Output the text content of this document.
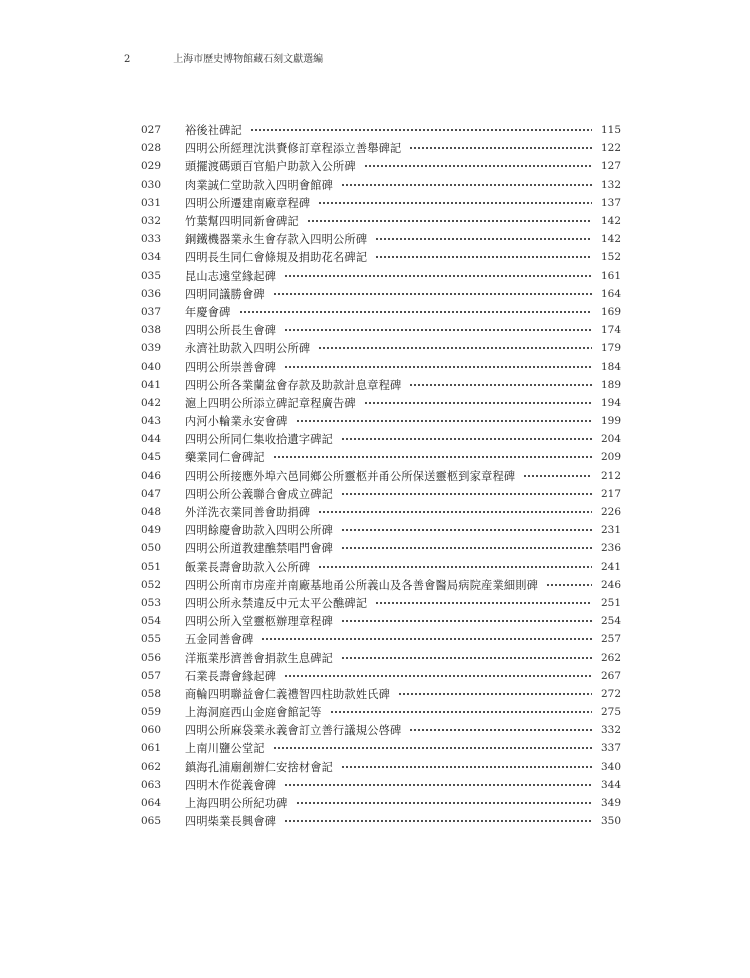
2	上海市歷史博物館藏石刻文獻選編
027	裕後社碑記	115
028	四明公所經理沈洪賚修訂章程添立善舉碑記	122
029	頭擺渡碼頭百官船户助款入公所碑	127
030	肉業誠仁堂助款入四明會館碑	132
031	四明公所遷建南廠章程碑	137
032	竹葉幫四明同新會碑記	142
033	銅鐵機器業永生會存款入四明公所碑	142
034	四明長生同仁會條規及捐助花名碑記	152
035	昆山志遠堂緣起碑	161
036	四明同議勝會碑	164
037	年慶會碑	169
038	四明公所長生會碑	174
039	永濟社助款入四明公所碑	179
040	四明公所崇善會碑	184
041	四明公所各業蘭盆會存款及助款計息章程碑	189
042	滬上四明公所添立碑記章程廣告碑	194
043	内河小輪業永安會碑	199
044	四明公所同仁集收拾遺字碑記	204
045	藥業同仁會碑記	209
046	四明公所接應外埠六邑同鄉公所靈柩并甬公所保送靈柩到家章程碑	212
047	四明公所公義聯合會成立碑記	217
048	外洋洗衣業同善會助捐碑	226
049	四明餘慶會助款入四明公所碑	231
050	四明公所道教建醮禁唱門會碑	236
051	飯業長壽會助款入公所碑	241
052	四明公所南市房産并南廠基地甬公所義山及各善會醫局病院産業細則碑	246
053	四明公所永禁違反中元太平公醮碑記	251
054	四明公所入堂靈柩辦理章程碑	254
055	五金同善會碑	257
056	洋瓶業彤濟善會捐款生息碑記	262
057	石業長壽會緣起碑	267
058	商輪四明聯益會仁義禮智四柱助款姓氏碑	272
059	上海洞庭西山金庭會館記等	275
060	四明公所麻袋業永義會訂立善行議規公啓碑	332
061	上南川鹽公堂記	337
062	鎮海孔浦廟創辦仁安捨材會記	340
063	四明木作從義會碑	344
064	上海四明公所紀功碑	349
065	四明柴業長興會碑	350
